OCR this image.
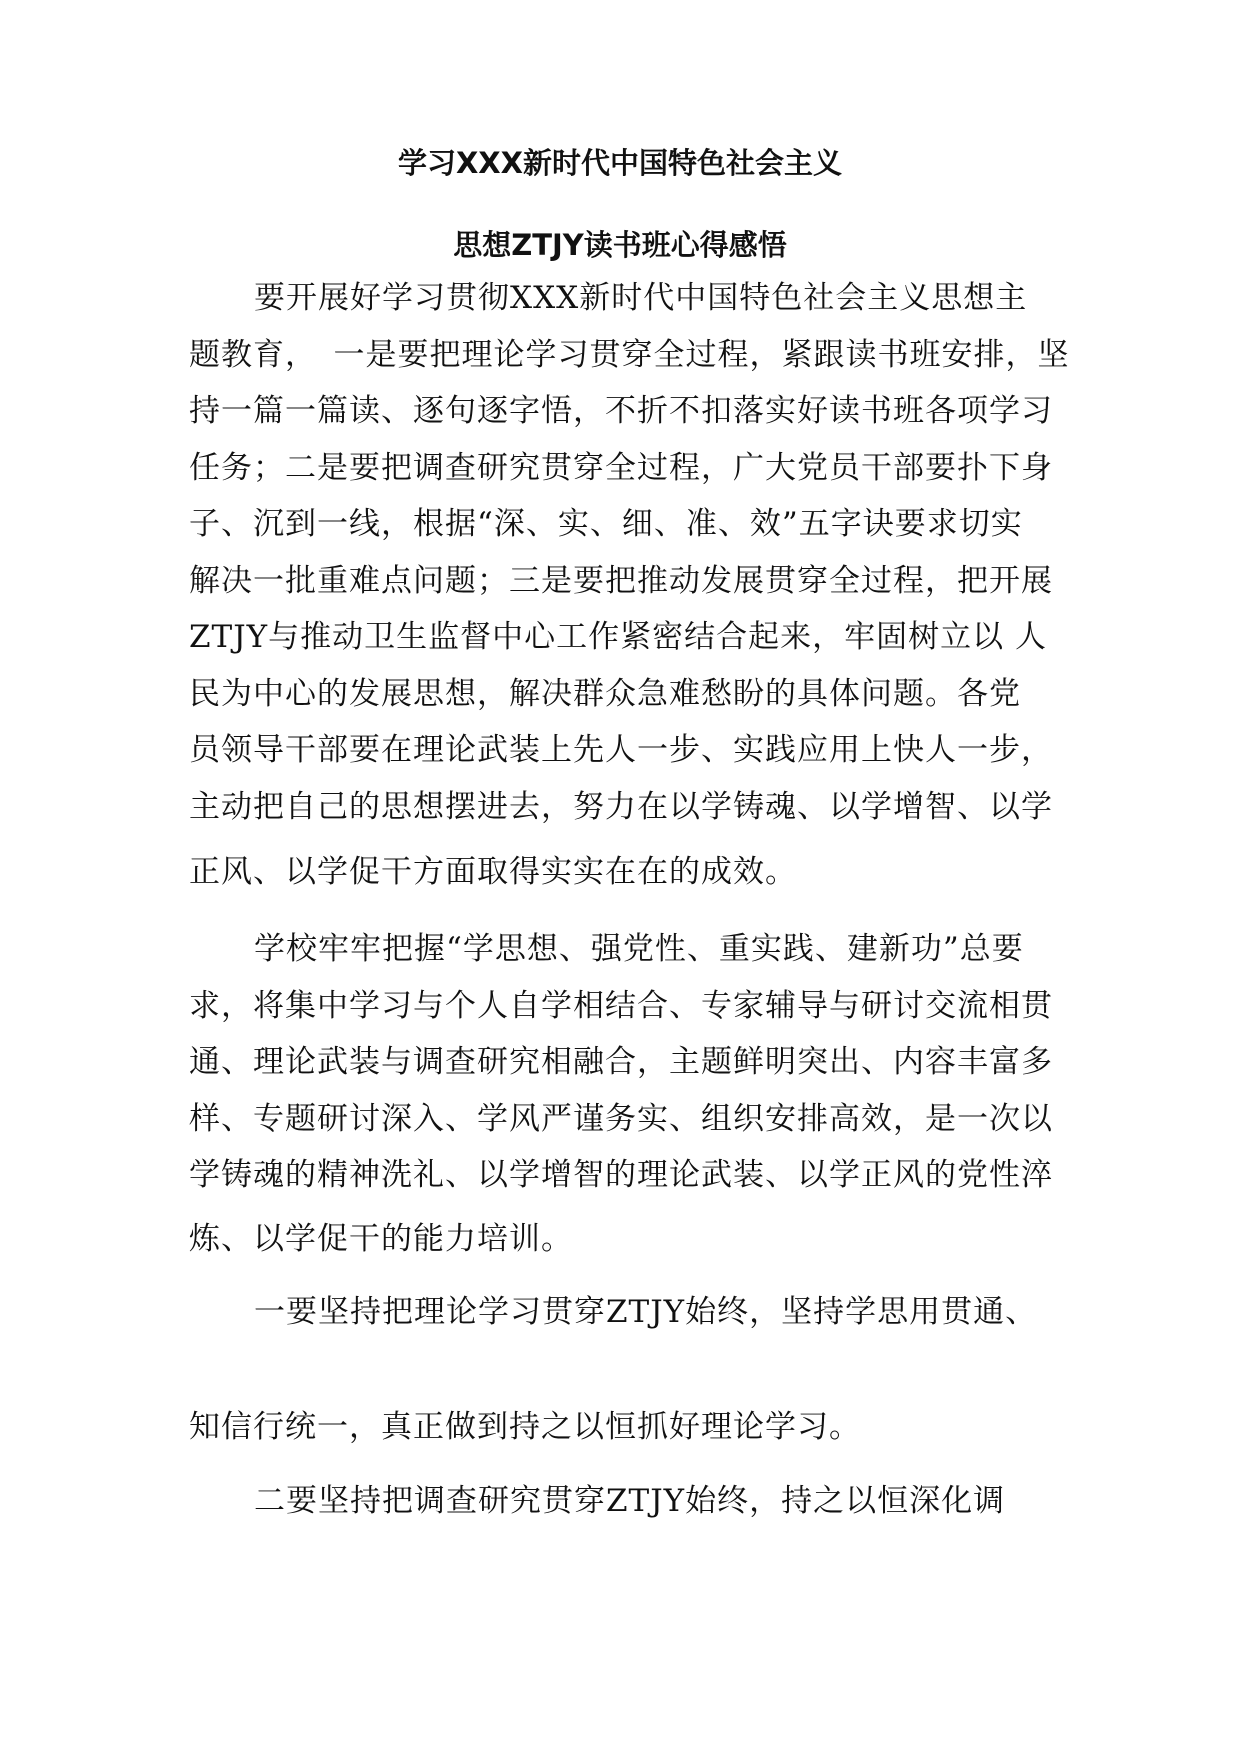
学习XXX新时代中国特色社会主义
思想ZTJY读书班心得感悟
要开展好学习贯彻XXX新时代中国特色社会主义思想主
题教育，　一是要把理论学习贯穿全过程，紧跟读书班安排，坚
持一篇一篇读、逐句逐字悟，不折不扣落实好读书班各项学习
任务；二是要把调查研究贯穿全过程，广大党员干部要扑下身
子、沉到一线，根据“深、实、细、准、效”五字诀要求切实
解决一批重难点问题；三是要把推动发展贯穿全过程，把开展
ZTJY与推动卫生监督中心工作紧密结合起来，牢固树立以 人
民为中心的发展思想，解决群众急难愁盼的具体问题。各党
员领导干部要在理论武装上先人一步、实践应用上快人一步，
主动把自己的思想摆进去，努力在以学铸魂、以学增智、以学
正风、以学促干方面取得实实在在的成效。
学校牢牢把握“学思想、强党性、重实践、建新功”总要
求，将集中学习与个人自学相结合、专家辅导与研讨交流相贯
通、理论武装与调查研究相融合，主题鲜明突出、内容丰富多
样、专题研讨深入、学风严谨务实、组织安排高效，是一次以
学铸魂的精神洗礼、以学增智的理论武装、以学正风的党性淬
炼、以学促干的能力培训。
一要坚持把理论学习贯穿ZTJY始终，坚持学思用贯通、
知信行统一，真正做到持之以恒抓好理论学习。
二要坚持把调查研究贯穿ZTJY始终，持之以恒深化调
